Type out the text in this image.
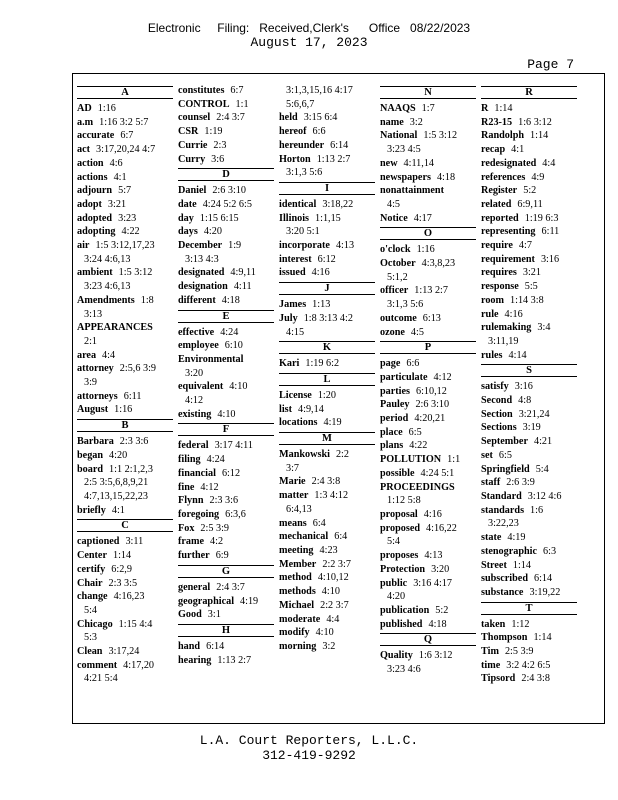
Electronic     Filing:   Received,Clerk's      Office   08/22/2023
August 17, 2023
Page 7
A
AD 1:16
a.m 1:16 3:2 5:7
accurate 6:7
act 3:17,20,24 4:7
action 4:6
actions 4:1
adjourn 5:7
adopt 3:21
adopted 3:23
adopting 4:22
air 1:5 3:12,17,23
3:24 4:6,13
ambient 1:5 3:12
3:23 4:6,13
Amendments 1:8
3:13
APPEARANCES
2:1
area 4:4
attorney 2:5,6 3:9
3:9
attorneys 6:11
August 1:16
B
Barbara 2:3 3:6
began 4:20
board 1:1 2:1,2,3
2:5 3:5,6,8,9,21
4:7,13,15,22,23
briefly 4:1
C
captioned 3:11
Center 1:14
certify 6:2,9
Chair 2:3 3:5
change 4:16,23
5:4
Chicago 1:15 4:4
5:3
Clean 3:17,24
comment 4:17,20
4:21 5:4
constitutes 6:7
CONTROL 1:1
counsel 2:4 3:7
CSR 1:19
Currie 2:3
Curry 3:6
D
Daniel 2:6 3:10
date 4:24 5:2 6:5
day 1:15 6:15
days 4:20
December 1:9
3:13 4:3
designated 4:9,11
designation 4:11
different 4:18
E
effective 4:24
employee 6:10
Environmental
3:20
equivalent 4:10
4:12
existing 4:10
F
federal 3:17 4:11
filing 4:24
financial 6:12
fine 4:12
Flynn 2:3 3:6
foregoing 6:3,6
Fox 2:5 3:9
frame 4:2
further 6:9
G
general 2:4 3:7
geographical 4:19
Good 3:1
H
hand 6:14
hearing 1:13 2:7
3:1,3,15,16 4:17
5:6,6,7
held 3:15 6:4
hereof 6:6
hereunder 6:14
Horton 1:13 2:7
3:1,3 5:6
I
identical 3:18,22
Illinois 1:1,15
3:20 5:1
incorporate 4:13
interest 6:12
issued 4:16
J
James 1:13
July 1:8 3:13 4:2
4:15
K
Kari 1:19 6:2
L
License 1:20
list 4:9,14
locations 4:19
M
Mankowski 2:2
3:7
Marie 2:4 3:8
matter 1:3 4:12
6:4,13
means 6:4
mechanical 6:4
meeting 4:23
Member 2:2 3:7
method 4:10,12
methods 4:10
Michael 2:2 3:7
moderate 4:4
modify 4:10
morning 3:2
N
NAAQS 1:7
name 3:2
National 1:5 3:12
3:23 4:5
new 4:11,14
newspapers 4:18
nonattainment
4:5
Notice 4:17
O
o'clock 1:16
October 4:3,8,23
5:1,2
officer 1:13 2:7
3:1,3 5:6
outcome 6:13
ozone 4:5
P
page 6:6
particulate 4:12
parties 6:10,12
Pauley 2:6 3:10
period 4:20,21
place 6:5
plans 4:22
POLLUTION 1:1
possible 4:24 5:1
PROCEEDINGS
1:12 5:8
proposal 4:16
proposed 4:16,22
5:4
proposes 4:13
Protection 3:20
public 3:16 4:17
4:20
publication 5:2
published 4:18
Q
Quality 1:6 3:12
3:23 4:6
R
R 1:14
R23-15 1:6 3:12
Randolph 1:14
recap 4:1
redesignated 4:4
references 4:9
Register 5:2
related 6:9,11
reported 1:19 6:3
representing 6:11
require 4:7
requirement 3:16
requires 3:21
response 5:5
room 1:14 3:8
rule 4:16
rulemaking 3:4
3:11,19
rules 4:14
S
satisfy 3:16
Second 4:8
Section 3:21,24
Sections 3:19
September 4:21
set 6:5
Springfield 5:4
staff 2:6 3:9
Standard 3:12 4:6
standards 1:6
3:22,23
state 4:19
stenographic 6:3
Street 1:14
subscribed 6:14
substance 3:19,22
T
taken 1:12
Thompson 1:14
Tim 2:5 3:9
time 3:2 4:2 6:5
Tipsord 2:4 3:8
L.A. Court Reporters, L.L.C.
312-419-9292
